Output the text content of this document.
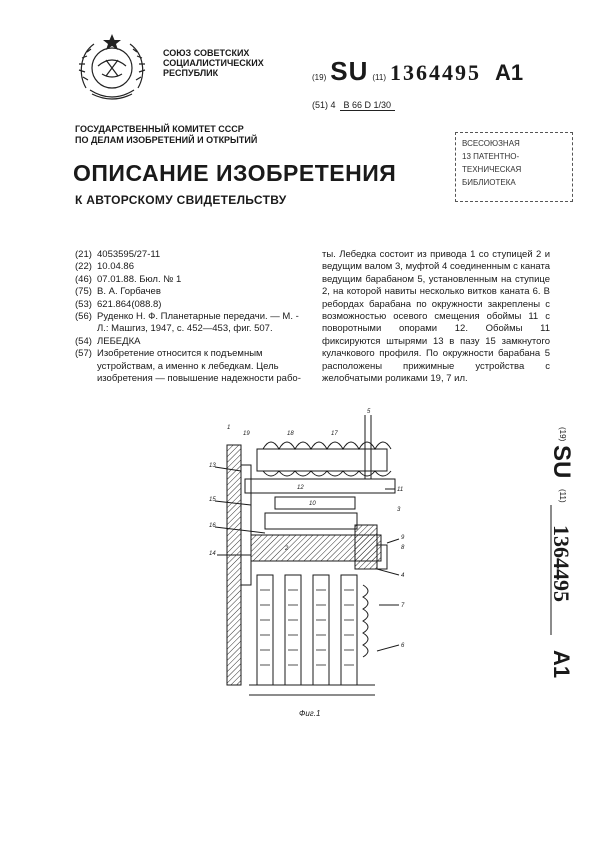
СОЮЗ СОВЕТСКИХ
СОЦИАЛИСТИЧЕСКИХ
РЕСПУБЛИК	(19) SU (11) 1364495 A1
(51) 4 B 66 D 1/30
ГОСУДАРСТВЕННЫЙ КОМИТЕТ СССР
ПО ДЕЛАМ ИЗОБРЕТЕНИЙ И ОТКРЫТИЙ	ВСЕСОЮЗНАЯ
13 ПАТЕНТНО-
ТЕХНИЧЕСКАЯ
БИБЛИОТЕКА
ОПИСАНИЕ ИЗОБРЕТЕНИЯ
К АВТОРСКОМУ СВИДЕТЕЛЬСТВУ
(21) 4053595/27-11
(22) 10.04.86
(46) 07.01.88. Бюл. № 1
(75) В. А. Горбачев
(53) 621.864(088.8)
(56) Руденко Н. Ф. Планетарные передачи. — М. - Л.: Машгиз, 1947, с. 452—453, фиг. 507.
(54) ЛЕБЕДКА
(57) Изобретение относится к подъемным устройствам, а именно к лебедкам. Цель изобретения — повышение надежности рабо-
ты. Лебедка состоит из привода 1 со ступицей 2 и ведущим валом 3, муфтой 4 соединенным с каната ведущим барабаном 5, установленным на ступице 2, на которой навиты несколько витков каната 6. В ребордах барабана по окружности закреплены с возможностью осевого смещения обоймы 11 с поворотными опорами 12. Обоймы 11 фиксируются штырями 13 в пазу 15 замкнутого кулачкового профиля. По окружности барабана 5 расположены прижимные устройства с желобчатыми роликами 19, 7 ил.
(19)
SU
(11)
1364495
A1
1
19	18	17
5
13
15
16
14
11
3
9
8
4
7
6
10
12
2
Фиг.1
